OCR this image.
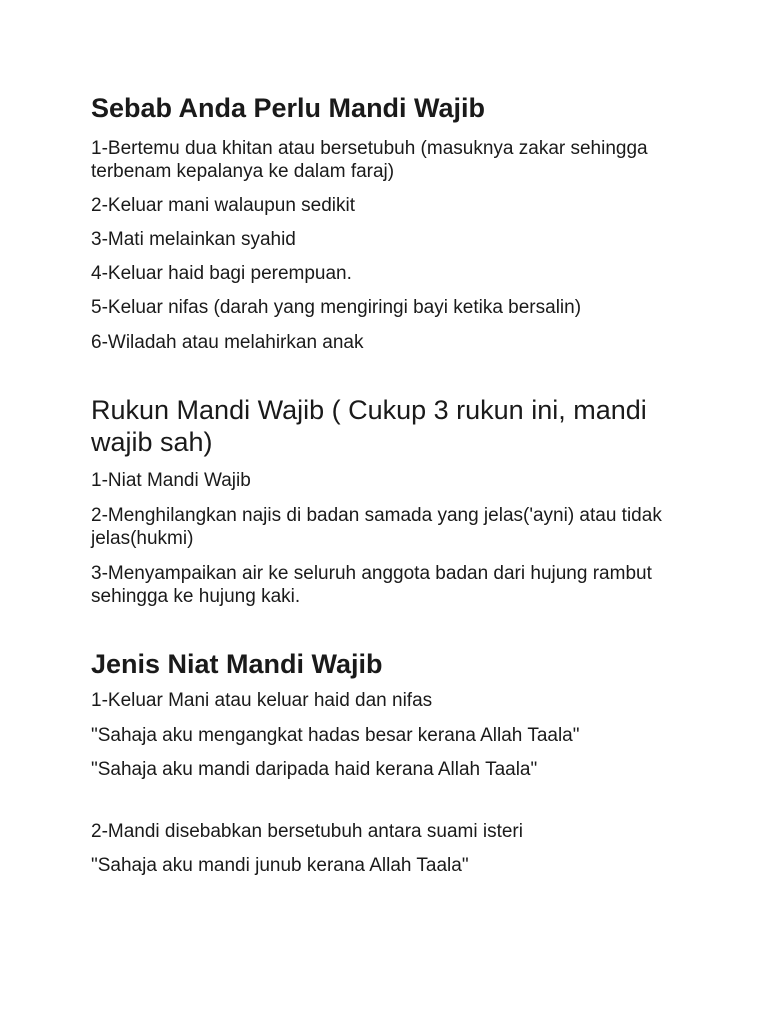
Sebab Anda Perlu Mandi Wajib
1-Bertemu dua khitan atau bersetubuh (masuknya zakar sehingga terbenam kepalanya ke dalam faraj)
2-Keluar mani walaupun sedikit
3-Mati melainkan syahid
4-Keluar haid bagi perempuan.
5-Keluar nifas (darah yang mengiringi bayi ketika bersalin)
6-Wiladah atau melahirkan anak
Rukun Mandi Wajib ( Cukup 3 rukun ini, mandi wajib sah)
1-Niat Mandi Wajib
2-Menghilangkan najis di badan samada yang jelas('ayni) atau tidak jelas(hukmi)
3-Menyampaikan air ke seluruh anggota badan dari hujung rambut sehingga ke hujung kaki.
Jenis Niat Mandi Wajib
1-Keluar Mani atau keluar haid dan nifas
"Sahaja aku mengangkat hadas besar kerana Allah Taala"
"Sahaja aku mandi daripada haid kerana Allah Taala"
2-Mandi disebabkan bersetubuh antara suami isteri
"Sahaja aku mandi junub kerana Allah Taala"
